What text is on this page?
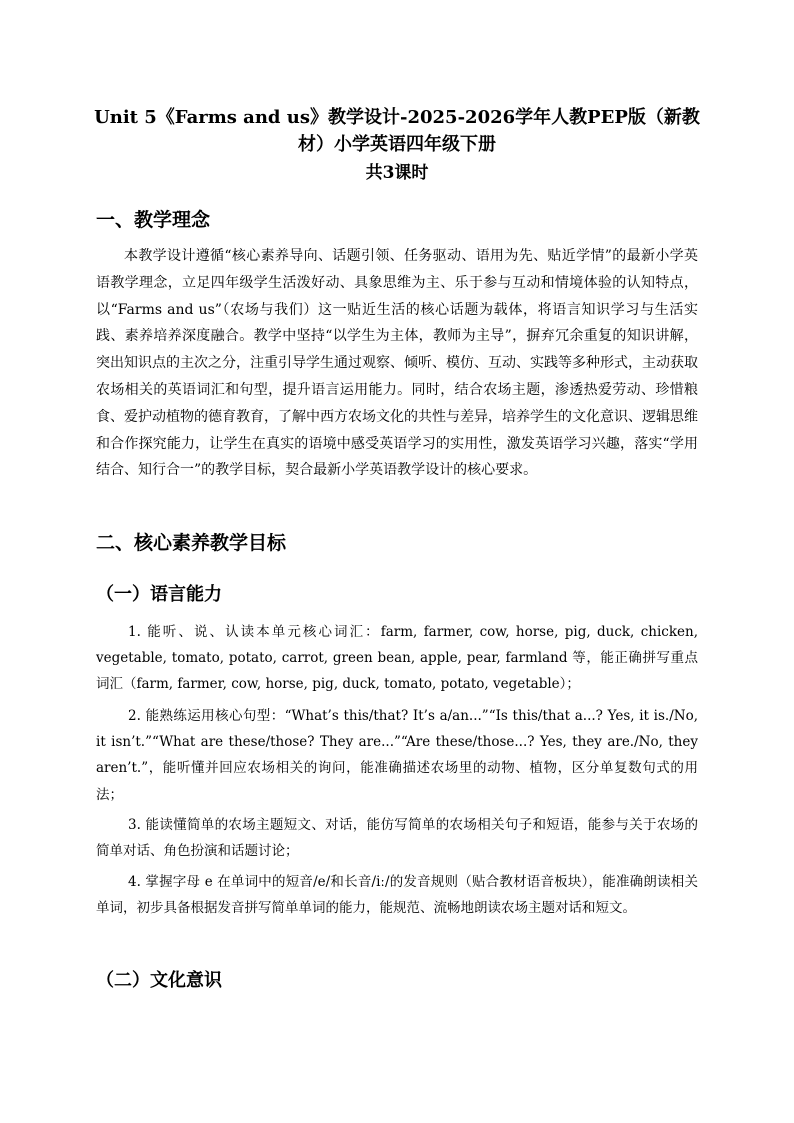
Unit 5《Farms and us》教学设计-2025-2026学年人教PEP版（新教材）小学英语四年级下册
共3课时
一、教学理念
本教学设计遵循“核心素养导向、话题引领、任务驱动、语用为先、贴近学情”的最新小学英语教学理念，立足四年级学生活泼好动、具象思维为主、乐于参与互动和情境体验的认知特点，以“Farms and us”（农场与我们）这一贴近生活的核心话题为载体，将语言知识学习与生活实践、素养培养深度融合。教学中坚持“以学生为主体，教师为主导”，摒弃冗余重复的知识讲解，突出知识点的主次之分，注重引导学生通过观察、倾听、模仿、互动、实践等多种形式，主动获取农场相关的英语词汇和句型，提升语言运用能力。同时，结合农场主题，渗透热爱劳动、珍惜粮食、爱护动植物的德育教育，了解中西方农场文化的共性与差异，培养学生的文化意识、逻辑思维和合作探究能力，让学生在真实的语境中感受英语学习的实用性，激发英语学习兴趣，落实“学用结合、知行合一”的教学目标，契合最新小学英语教学设计的核心要求。
二、核心素养教学目标
（一）语言能力
1. 能听、说、认读本单元核心词汇：farm, farmer, cow, horse, pig, duck, chicken, vegetable, tomato, potato, carrot, green bean, apple, pear, farmland 等，能正确拼写重点词汇（farm, farmer, cow, horse, pig, duck, tomato, potato, vegetable）；
2. 能熟练运用核心句型：“What’s this/that? It’s a/an...”“Is this/that a...? Yes, it is./No, it isn’t.”“What are these/those? They are...”“Are these/those...? Yes, they are./No, they aren’t.”，能听懂并回应农场相关的询问，能准确描述农场里的动物、植物，区分单复数句式的用法；
3. 能读懂简单的农场主题短文、对话，能仿写简单的农场相关句子和短语，能参与关于农场的简单对话、角色扮演和话题讨论；
4. 掌握字母 e 在单词中的短音/e/和长音/iː/的发音规则（贴合教材语音板块），能准确朗读相关单词，初步具备根据发音拼写简单单词的能力，能规范、流畅地朗读农场主题对话和短文。
（二）文化意识
